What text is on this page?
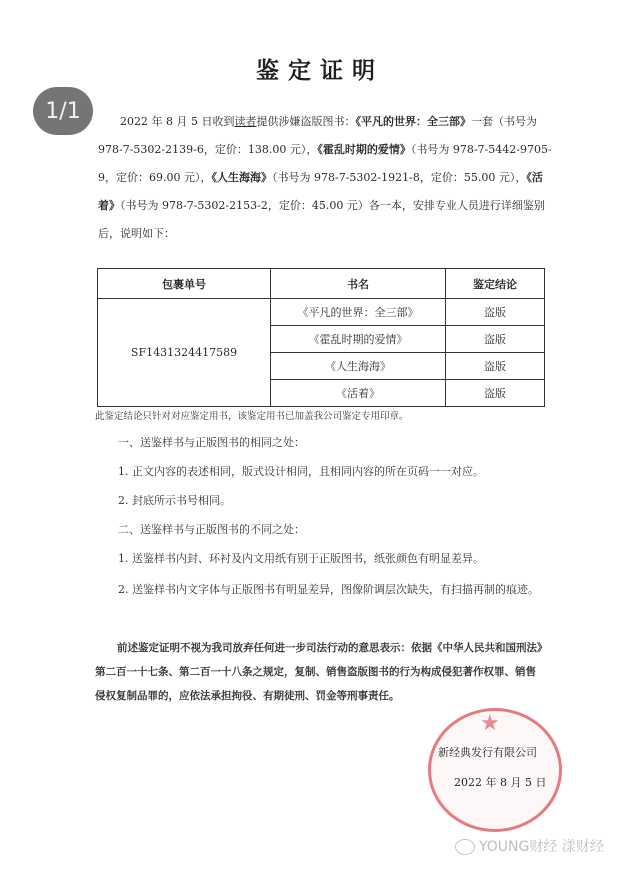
1/1
鉴定证明
2022 年 8 月 5 日收到读者提供涉嫌盗版图书：《平凡的世界：全三部》一套（书号为 978-7-5302-2139-6，定价：138.00 元），《霍乱时期的爱情》（书号为 978-7-5442-9705-9，定价：69.00 元），《人生海海》（书号为 978-7-5302-1921-8，定价：55.00 元），《活着》（书号为 978-7-5302-2153-2，定价：45.00 元）各一本，安排专业人员进行详细鉴别后，说明如下：
包裹单号	书名	鉴定结论
SF1431324417589	《平凡的世界：全三部》	盗版
	《霍乱时期的爱情》	盗版
	《人生海海》	盗版
	《活着》	盗版
此鉴定结论只针对对应鉴定用书，该鉴定用书已加盖我公司鉴定专用印章。
一、送鉴样书与正版图书的相同之处：
1. 正文内容的表述相同，版式设计相同，且相同内容的所在页码一一对应。
2. 封底所示书号相同。
二、送鉴样书与正版图书的不同之处：
1. 送鉴样书内封、环衬及内文用纸有别于正版图书，纸张颜色有明显差异。
2. 送鉴样书内文字体与正版图书有明显差异，图像阶调层次缺失，有扫描再制的痕迹。
前述鉴定证明不视为我司放弃任何进一步司法行动的意思表示：依据《中华人民共和国刑法》第二百一十七条、第二百一十八条之规定，复制、销售盗版图书的行为构成侵犯著作权罪、销售侵权复制品罪的，应依法承担拘役、有期徒刑、罚金等刑事责任。
★
新经典发行有限公司
2022 年 8 月 5 日
YOUNG财经 漾财经
